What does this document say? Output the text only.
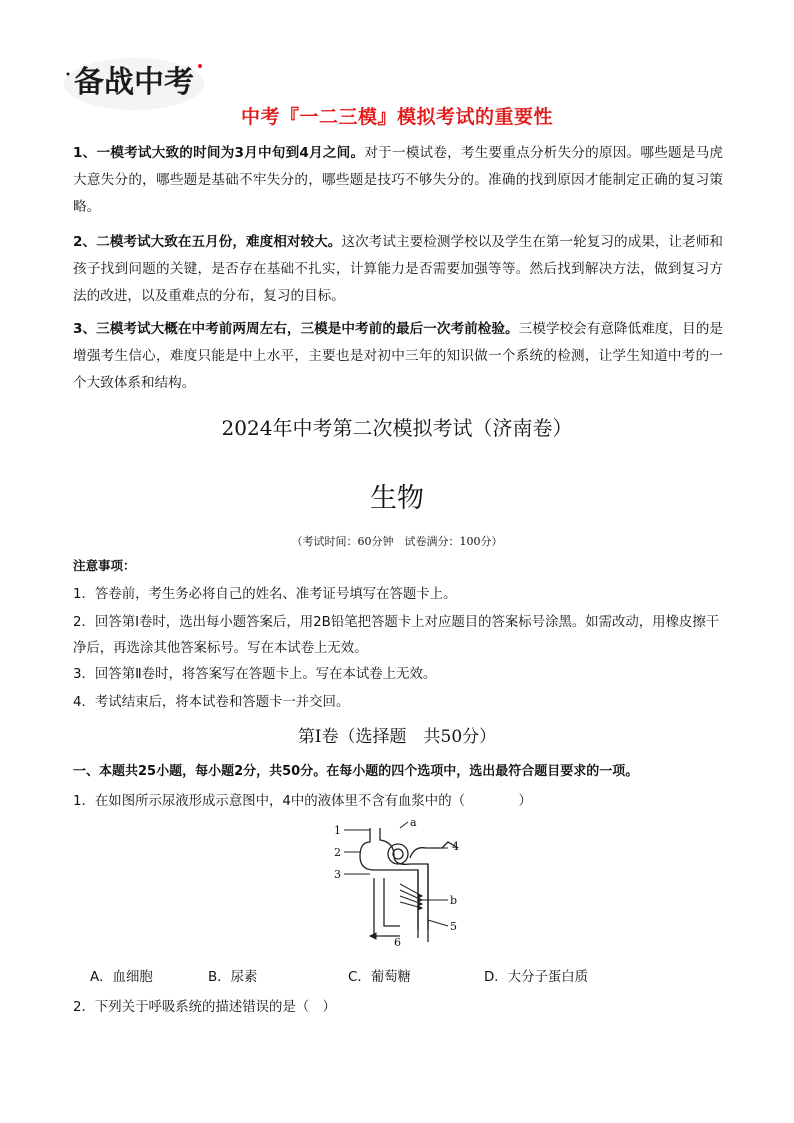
备战中考
中考『一二三模』模拟考试的重要性
1、一模考试大致的时间为3月中旬到4月之间。对于一模试卷，考生要重点分析失分的原因。哪些题是马虎大意失分的，哪些题是基础不牢失分的，哪些题是技巧不够失分的。准确的找到原因才能制定正确的复习策略。
2、二模考试大致在五月份，难度相对较大。这次考试主要检测学校以及学生在第一轮复习的成果，让老师和孩子找到问题的关键，是否存在基础不扎实，计算能力是否需要加强等等。然后找到解决方法，做到复习方法的改进，以及重难点的分布，复习的目标。
3、三模考试大概在中考前两周左右，三模是中考前的最后一次考前检验。三模学校会有意降低难度，目的是增强考生信心，难度只能是中上水平，主要也是对初中三年的知识做一个系统的检测，让学生知道中考的一个大致体系和结构。
2024年中考第二次模拟考试（济南卷）
生物
（考试时间：60分钟　试卷满分：100分）
注意事项：
1．答卷前，考生务必将自己的姓名、准考证号填写在答题卡上。
2．回答第Ⅰ卷时，选出每小题答案后，用2B铅笔把答题卡上对应题目的答案标号涂黑。如需改动，用橡皮擦干净后，再选涂其他答案标号。写在本试卷上无效。
3．回答第Ⅱ卷时，将答案写在答题卡上。写在本试卷上无效。
4．考试结束后，将本试卷和答题卡一并交回。
第Ⅰ卷（选择题　共50分）
一、本题共25小题，每小题2分，共50分。在每小题的四个选项中，选出最符合题目要求的一项。
1．在如图所示尿液形成示意图中，4中的液体里不含有血浆中的（　　　　）
1
2
3
4
5
6
a
b
A．血细胞	B．尿素	C．葡萄糖	D．大分子蛋白质
2．下列关于呼吸系统的描述错误的是（　）
